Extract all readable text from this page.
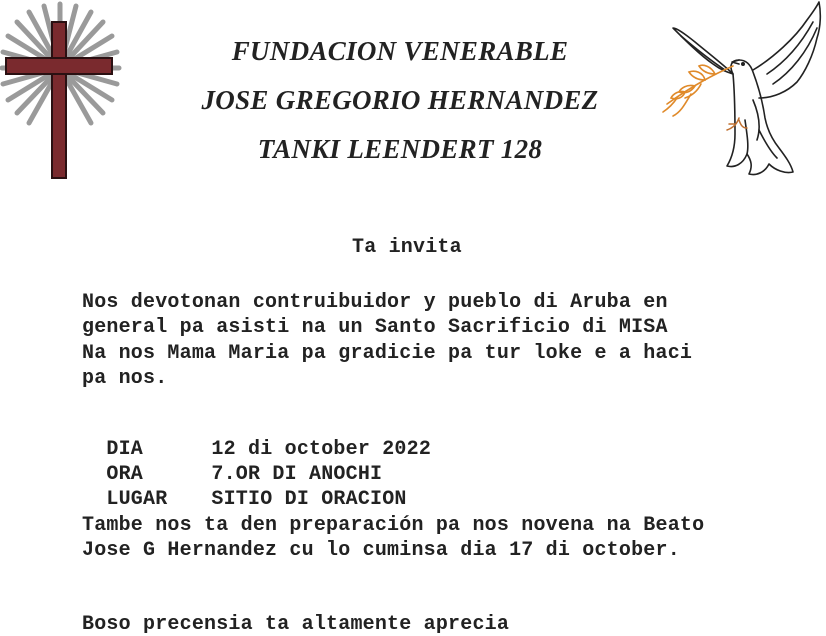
FUNDACION VENERABLE
JOSE GREGORIO HERNANDEZ
TANKI LEENDERT 128
Ta invita
Nos devotonan contruibuidor y pueblo di Aruba en
general pa asisti na un Santo Sacrificio di MISA
Na nos Mama Maria pa gradicie pa tur loke e a haci
pa nos.

DIA	12 di october 2022

ORA	7.OR DI ANOCHI

LUGAR SITIO DI ORACION

Tambe nos ta den preparación pa nos novena na Beato
Jose G Hernandez cu lo cuminsa dia 17 di october.
Boso precensia ta altamente aprecia
